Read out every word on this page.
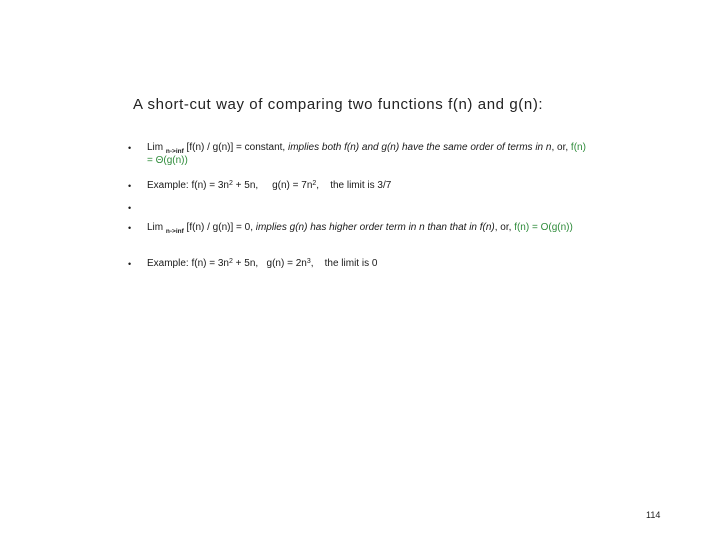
A short-cut way of comparing two functions f(n) and g(n):
• Lim $_{n->inf}$ [f(n) / g(n)] = constant, implies both f(n) and g(n) have the same order of terms in n, or, f(n) = Θ(g(n))
• Example: $f(n) = 3n^2 + 5n$,     $g(n) = 7n^2$,    the limit is 3/7
•
• Lim $_{n->inf}$ [f(n) / g(n)] = 0, implies g(n) has higher order term in n than that in f(n), or, f(n) = O(g(n))
• Example: $f(n) = 3n^2 + 5n$,   $g(n) = 2n^3$,    the limit is 0
114
